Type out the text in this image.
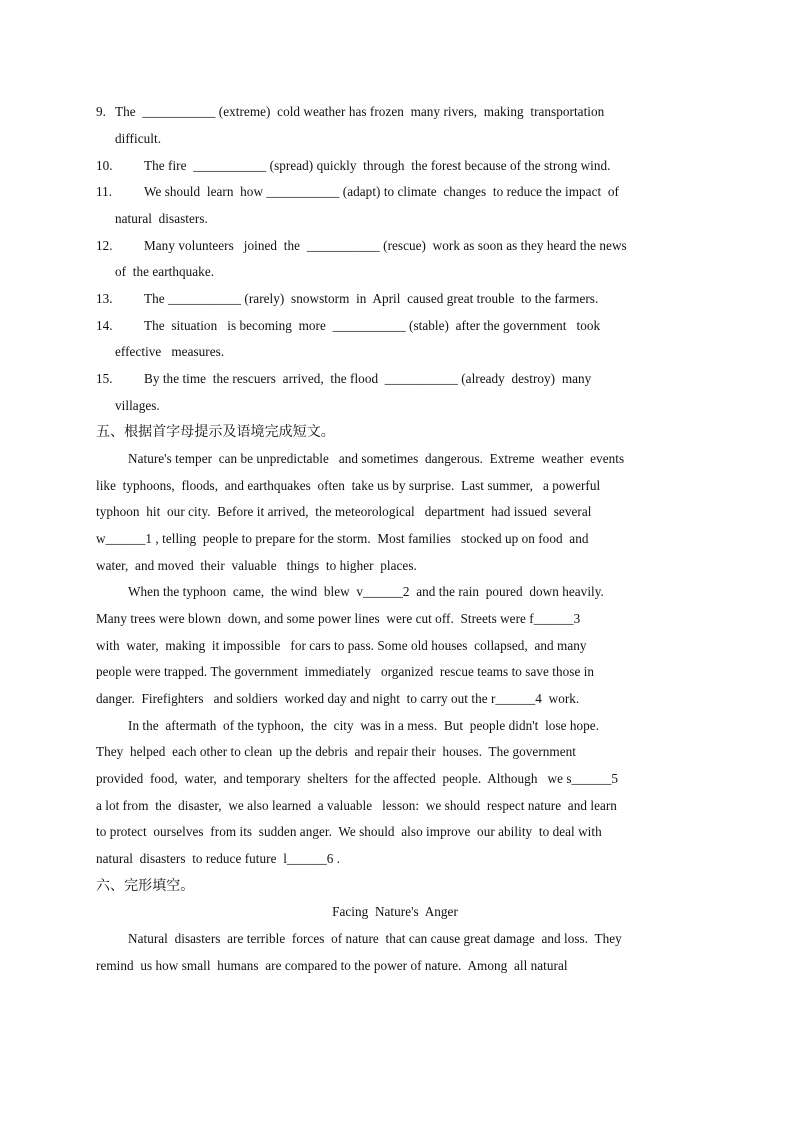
9. The  ___________ (extreme)  cold weather has frozen  many rivers,  making  transportation
difficult.
10. The fire  ___________ (spread) quickly  through  the forest because of the strong wind.
11. We should  learn  how ___________ (adapt) to climate  changes  to reduce the impact  of
natural  disasters.
12. Many volunteers   joined  the  ___________ (rescue)  work as soon as they heard the news
of  the earthquake.
13. The ___________ (rarely)  snowstorm  in  April  caused great trouble  to the farmers.
14. The  situation   is becoming  more  ___________ (stable)  after the government   took
effective   measures.
15. By the time  the rescuers  arrived,  the flood  ___________ (already  destroy)  many
villages.
五、根据首字母提示及语境完成短文。
Nature's temper  can be unpredictable   and sometimes  dangerous.  Extreme  weather  events
like  typhoons,  floods,  and earthquakes  often  take us by surprise.  Last summer,   a powerful
typhoon  hit  our city.  Before it arrived,  the meteorological   department  had issued  several
w______1 , telling  people to prepare for the storm.  Most families   stocked up on food  and
water,  and moved  their  valuable   things  to higher  places.
When the typhoon  came,  the wind  blew  v______2  and the rain  poured  down heavily.
Many trees were blown  down, and some power lines  were cut off.  Streets were f______3
with  water,  making  it impossible   for cars to pass. Some old houses  collapsed,  and many
people were trapped. The government  immediately   organized  rescue teams to save those in
danger.  Firefighters   and soldiers  worked day and night  to carry out the r______4  work.
In the  aftermath  of the typhoon,  the  city  was in a mess.  But  people didn't  lose hope.
They  helped  each other to clean  up the debris  and repair their  houses.  The government
provided  food,  water,  and temporary  shelters  for the affected  people.  Although   we s______5
a lot from  the  disaster,  we also learned  a valuable   lesson:  we should  respect nature  and learn
to protect  ourselves  from its  sudden anger.  We should  also improve  our ability  to deal with
natural  disasters  to reduce future  l______6 .
六、完形填空。
Facing  Nature's  Anger
Natural  disasters  are terrible  forces  of nature  that can cause great damage  and loss.  They
remind  us how small  humans  are compared to the power of nature.  Among  all natural
